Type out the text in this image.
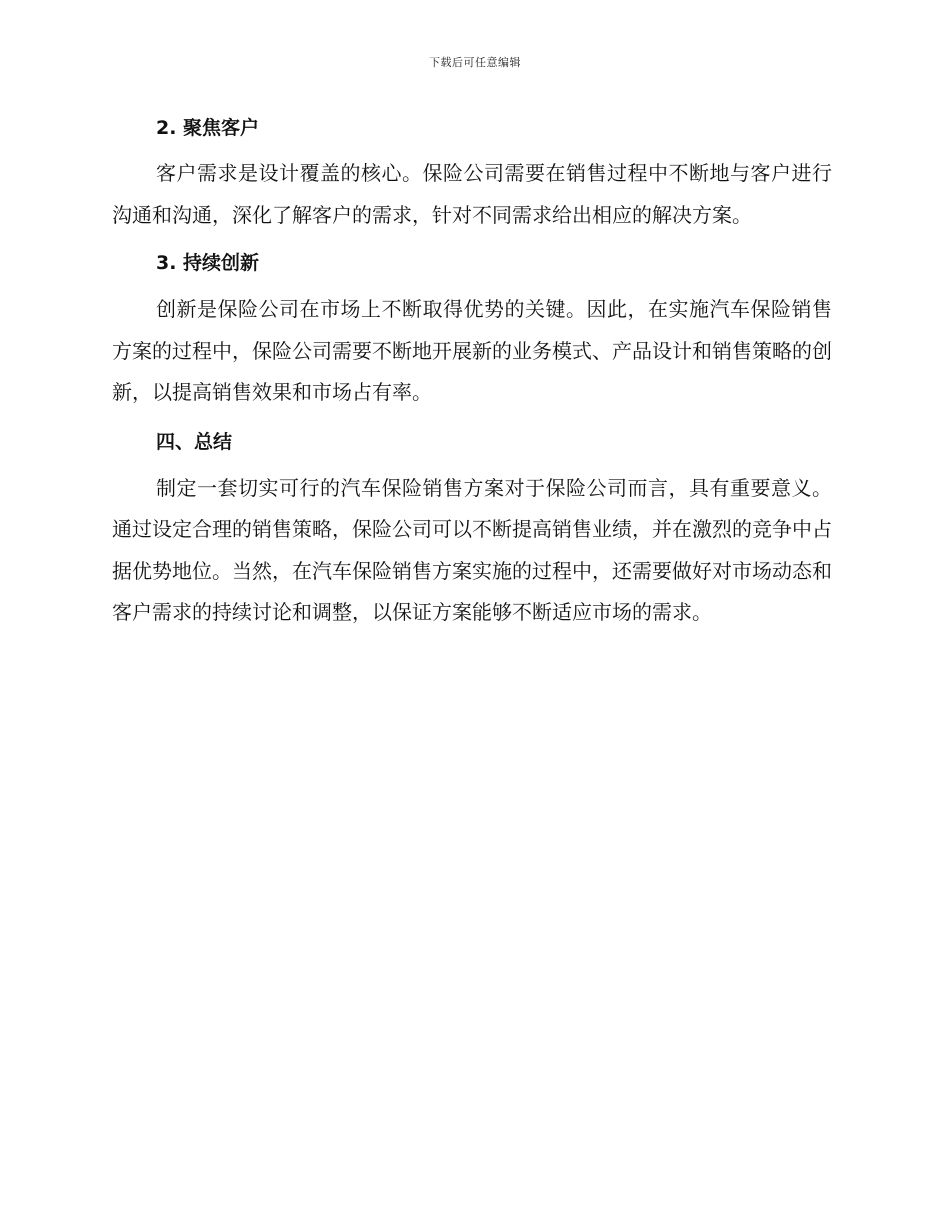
下载后可任意编辑
2. 聚焦客户

客户需求是设计覆盖的核心。保险公司需要在销售过程中不断地与客户进行沟通和沟通，深化了解客户的需求，针对不同需求给出相应的解决方案。

3. 持续创新

创新是保险公司在市场上不断取得优势的关键。因此，在实施汽车保险销售方案的过程中，保险公司需要不断地开展新的业务模式、产品设计和销售策略的创新，以提高销售效果和市场占有率。

四、总结

制定一套切实可行的汽车保险销售方案对于保险公司而言，具有重要意义。通过设定合理的销售策略，保险公司可以不断提高销售业绩，并在激烈的竞争中占据优势地位。当然，在汽车保险销售方案实施的过程中，还需要做好对市场动态和客户需求的持续讨论和调整，以保证方案能够不断适应市场的需求。
